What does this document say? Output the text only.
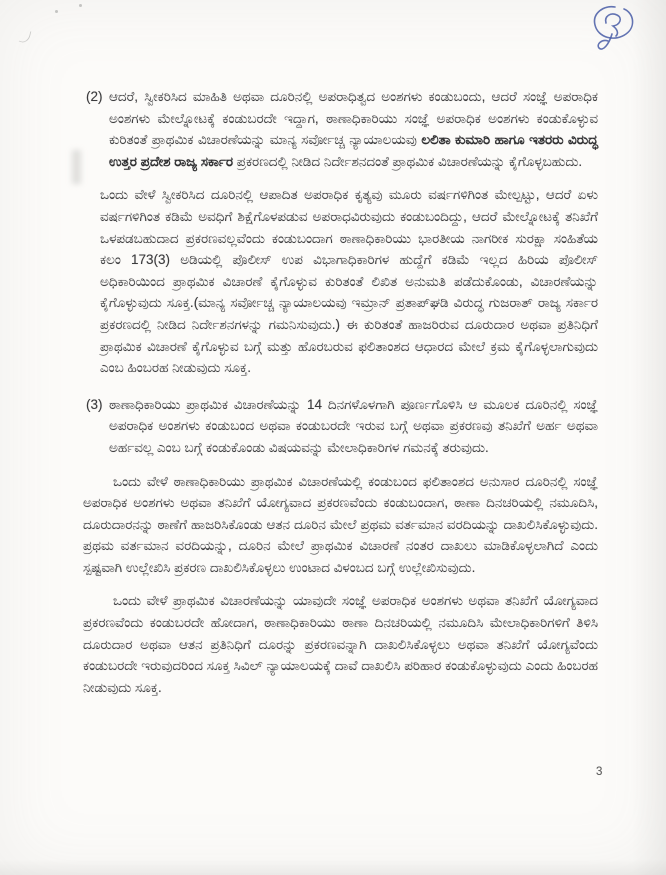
(2) ಆದರೆ, ಸ್ವೀಕರಿಸಿದ ಮಾಹಿತಿ ಅಥವಾ ದೂರಿನಲ್ಲಿ ಅಪರಾಧಿತ್ವದ ಅಂಶಗಳು ಕಂಡುಬಂದು, ಆದರೆ ಸಂಜ್ಞೆ ಅಪರಾಧಿಕ ಅಂಶಗಳು ಮೇಲ್ನೋಟಕ್ಕೆ ಕಂಡುಬರದೇ ಇದ್ದಾಗ, ಠಾಣಾಧಿಕಾರಿಯು ಸಂಜ್ಞೆ ಅಪರಾಧಿಕ ಅಂಶಗಳು ಕಂಡುಕೊಳ್ಳುವ ಕುರಿತಂತೆ ಪ್ರಾಥಮಿಕ ವಿಚಾರಣೆಯನ್ನು ಮಾನ್ಯ ಸರ್ವೋಚ್ಚ ನ್ಯಾಯಾಲಯವು ಲಲಿತಾ ಕುಮಾರಿ ಹಾಗೂ ಇತರರು ವಿರುದ್ಧ ಉತ್ತರ ಪ್ರದೇಶ ರಾಜ್ಯ ಸರ್ಕಾರ ಪ್ರಕರಣದಲ್ಲಿ ನೀಡಿದ ನಿರ್ದೇಶನದಂತೆ ಪ್ರಾಥಮಿಕ ವಿಚಾರಣೆಯನ್ನು ಕೈಗೊಳ್ಳಬಹುದು.

ಒಂದು ವೇಳೆ ಸ್ವೀಕರಿಸಿದ ದೂರಿನಲ್ಲಿ ಆಪಾದಿತ ಅಪರಾಧಿಕ ಕೃತ್ಯವು ಮೂರು ವರ್ಷಗಳಿಗಿಂತ ಮೇಲ್ಪಟ್ಟು, ಆದರೆ ಏಳು ವರ್ಷಗಳಿಗಿಂತ ಕಡಿಮೆ ಅವಧಿಗೆ ಶಿಕ್ಷೆಗೊಳಪಡುವ ಅಪರಾಧವಿರುವುದು ಕಂಡುಬಂದಿದ್ದು, ಆದರೆ ಮೇಲ್ನೋಟಕ್ಕೆ ತನಿಖೆಗೆ ಒಳಪಡಬಹುದಾದ ಪ್ರಕರಣವಲ್ಲವೆಂದು ಕಂಡುಬಂದಾಗ ಠಾಣಾಧಿಕಾರಿಯು ಭಾರತೀಯ ನಾಗರೀಕ ಸುರಕ್ಷಾ ಸಂಹಿತೆಯ ಕಲಂ 173(3) ಅಡಿಯಲ್ಲಿ ಪೊಲೀಸ್ ಉಪ ವಿಭಾಗಾಧಿಕಾರಿಗಳ ಹುದ್ದೆಗೆ ಕಡಿಮೆ ಇಲ್ಲದ ಹಿರಿಯ ಪೊಲೀಸ್ ಅಧಿಕಾರಿಯಿಂದ ಪ್ರಾಥಮಿಕ ವಿಚಾರಣೆ ಕೈಗೊಳ್ಳುವ ಕುರಿತಂತೆ ಲಿಖಿತ ಅನುಮತಿ ಪಡೆದುಕೊಂಡು, ವಿಚಾರಣೆಯನ್ನು ಕೈಗೊಳ್ಳುವುದು ಸೂಕ್ತ.(ಮಾನ್ಯ ಸರ್ವೋಚ್ಚ ನ್ಯಾಯಾಲಯವು ಇಮ್ರಾನ್ ಪ್ರತಾಪ್‌ಘಡಿ ವಿರುದ್ಧ ಗುಜರಾತ್ ರಾಜ್ಯ ಸರ್ಕಾರ ಪ್ರಕರಣದಲ್ಲಿ ನೀಡಿದ ನಿರ್ದೇಶನಗಳನ್ನು ಗಮನಿಸುವುದು.) ಈ ಕುರಿತಂತೆ ಹಾಜರಿರುವ ದೂರುದಾರ ಅಥವಾ ಪ್ರತಿನಿಧಿಗೆ ಪ್ರಾಥಮಿಕ ವಿಚಾರಣೆ ಕೈಗೊಳ್ಳುವ ಬಗ್ಗೆ ಮತ್ತು ಹೊರಬರುವ ಫಲಿತಾಂಶದ ಆಧಾರದ ಮೇಲೆ ಕ್ರಮ ಕೈಗೊಳ್ಳಲಾಗುವುದು ಎಂಬ ಹಿಂಬರಹ ನೀಡುವುದು ಸೂಕ್ತ.

(3) ಠಾಣಾಧಿಕಾರಿಯು ಪ್ರಾಥಮಿಕ ವಿಚಾರಣೆಯನ್ನು 14 ದಿನಗಳೊಳಗಾಗಿ ಪೂರ್ಣಗೊಳಿಸಿ ಆ ಮೂಲಕ ದೂರಿನಲ್ಲಿ ಸಂಜ್ಞೆ ಅಪರಾಧಿಕ ಅಂಶಗಳು ಕಂಡುಬಂದ ಅಥವಾ ಕಂಡುಬರದೇ ಇರುವ ಬಗ್ಗೆ ಅಥವಾ ಪ್ರಕರಣವು ತನಿಖೆಗೆ ಅರ್ಹ ಅಥವಾ ಅರ್ಹವಲ್ಲ ಎಂಬ ಬಗ್ಗೆ ಕಂಡುಕೊಂಡು ವಿಷಯವನ್ನು ಮೇಲಾಧಿಕಾರಿಗಳ ಗಮನಕ್ಕೆ ತರುವುದು.

ಒಂದು ವೇಳೆ ಠಾಣಾಧಿಕಾರಿಯು ಪ್ರಾಥಮಿಕ ವಿಚಾರಣೆಯಲ್ಲಿ ಕಂಡುಬಂದ ಫಲಿತಾಂಶದ ಅನುಸಾರ ದೂರಿನಲ್ಲಿ ಸಂಜ್ಞೆ ಅಪರಾಧಿಕ ಅಂಶಗಳು ಅಥವಾ ತನಿಖೆಗೆ ಯೋಗ್ಯವಾದ ಪ್ರಕರಣವೆಂದು ಕಂಡುಬಂದಾಗ, ಠಾಣಾ ದಿನಚರಿಯಲ್ಲಿ ನಮೂದಿಸಿ, ದೂರುದಾರನನ್ನು ಠಾಣೆಗೆ ಹಾಜರಿಸಿಕೊಂಡು ಆತನ ದೂರಿನ ಮೇಲೆ ಪ್ರಥಮ ವರ್ತಮಾನ ವರದಿಯನ್ನು ದಾಖಲಿಸಿಕೊಳ್ಳುವುದು. ಪ್ರಥಮ ವರ್ತಮಾನ ವರದಿಯನ್ನು, ದೂರಿನ ಮೇಲೆ ಪ್ರಾಥಮಿಕ ವಿಚಾರಣೆ ನಂತರ ದಾಖಲು ಮಾಡಿಕೊಳ್ಳಲಾಗಿದೆ ಎಂದು ಸ್ಪಷ್ಟವಾಗಿ ಉಲ್ಲೇಖಿಸಿ ಪ್ರಕರಣ ದಾಖಲಿಸಿಕೊಳ್ಳಲು ಉಂಟಾದ ವಿಳಂಬದ ಬಗ್ಗೆ ಉಲ್ಲೇಖಿಸುವುದು.

ಒಂದು ವೇಳೆ ಪ್ರಾಥಮಿಕ ವಿಚಾರಣೆಯನ್ನು ಯಾವುದೇ ಸಂಜ್ಞೆ ಅಪರಾಧಿಕ ಅಂಶಗಳು ಅಥವಾ ತನಿಖೆಗೆ ಯೋಗ್ಯವಾದ ಪ್ರಕರಣವೆಂದು ಕಂಡುಬರದೇ ಹೋದಾಗ, ಠಾಣಾಧಿಕಾರಿಯು ಠಾಣಾ ದಿನಚರಿಯಲ್ಲಿ ನಮೂದಿಸಿ ಮೇಲಾಧಿಕಾರಿಗಳಿಗೆ ತಿಳಿಸಿ ದೂರುದಾರ ಅಥವಾ ಆತನ ಪ್ರತಿನಿಧಿಗೆ ದೂರನ್ನು ಪ್ರಕರಣವನ್ನಾಗಿ ದಾಖಲಿಸಿಕೊಳ್ಳಲು ಅಥವಾ ತನಿಖೆಗೆ ಯೋಗ್ಯವೆಂದು ಕಂಡುಬರದೇ ಇರುವುದರಿಂದ ಸೂಕ್ತ ಸಿವಿಲ್ ನ್ಯಾಯಾಲಯಕ್ಕೆ ದಾವೆ ದಾಖಲಿಸಿ ಪರಿಹಾರ ಕಂಡುಕೊಳ್ಳುವುದು ಎಂದು ಹಿಂಬರಹ ನೀಡುವುದು ಸೂಕ್ತ.

3
